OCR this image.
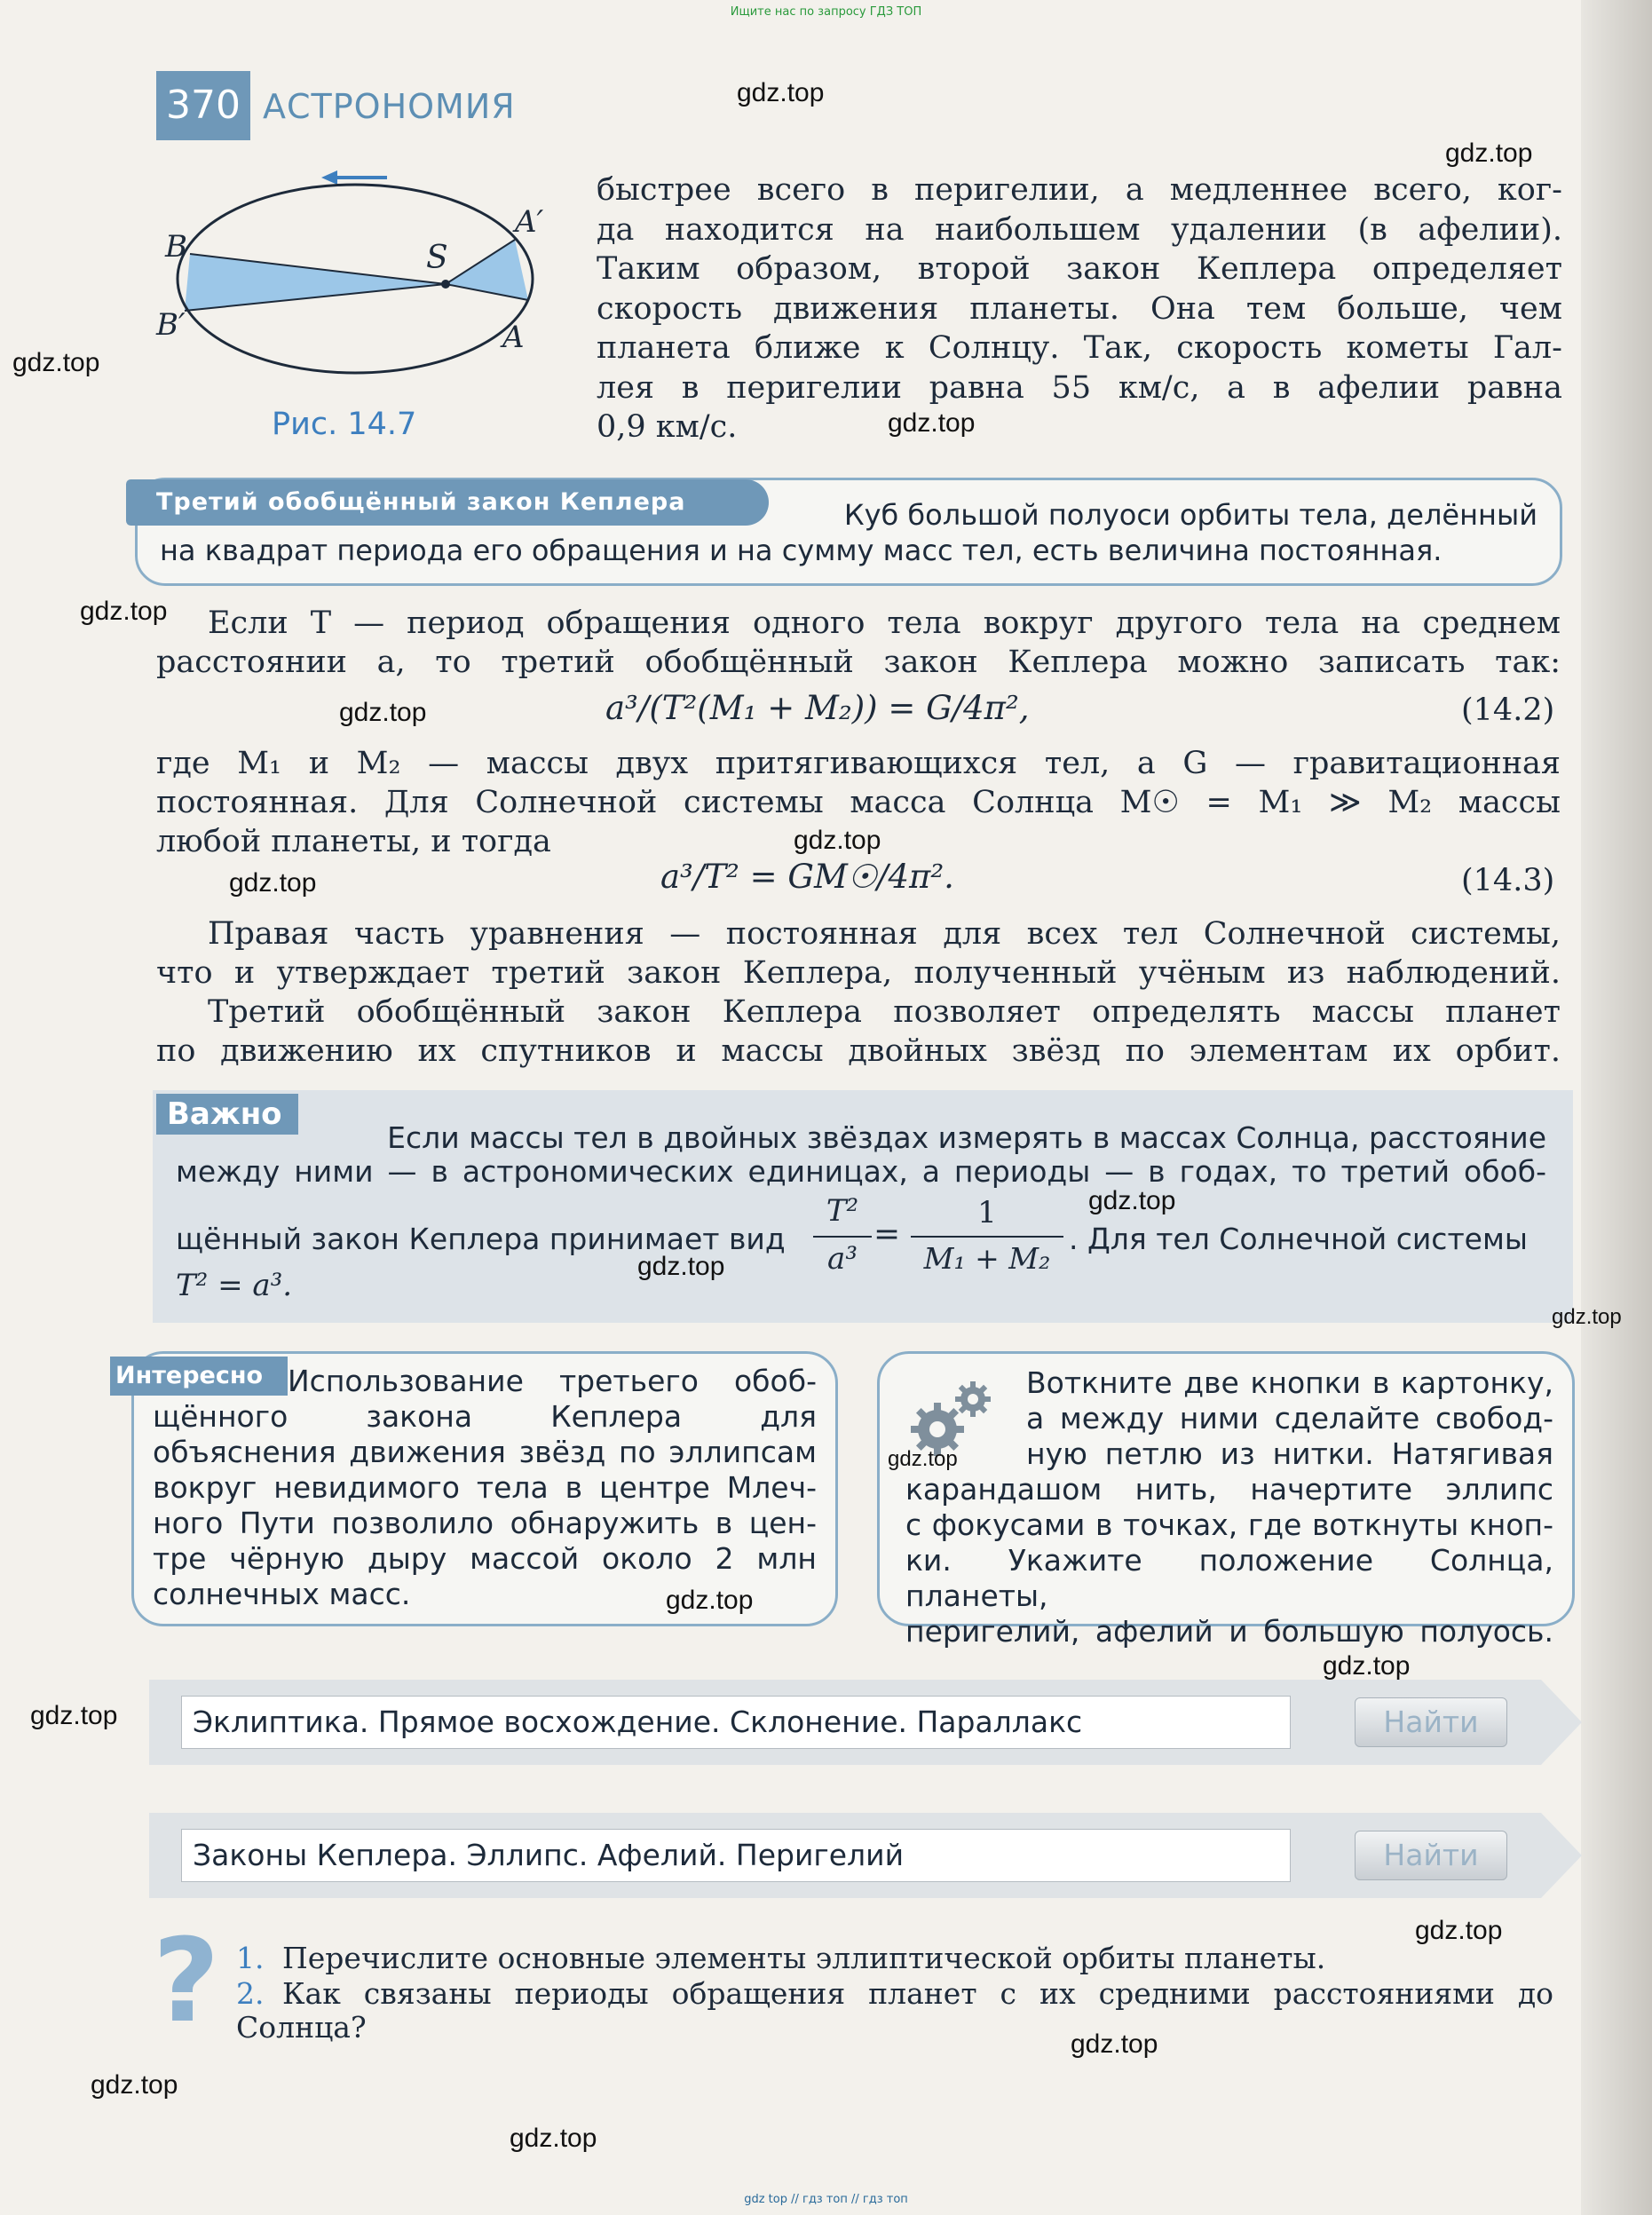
Ищите нас по запросу ГДЗ ТОП
370 АСТРОНОМИЯ
B
B′
S
A′
A
Рис. 14.7
быстрее всего в перигелии, а медленнее всего, ког-
да находится на наибольшем удалении (в афелии).
Таким образом, второй закон Кеплера определяет
скорость движения планеты. Она тем больше, чем
планета ближе к Солнцу. Так, скорость кометы Гал-
лея в перигелии равна 55 км/с, а в афелии равна
0,9 км/с.
Третий обобщённый закон Кеплера	Куб большой полуоси орбиты тела, делённый
на квадрат периода его обращения и на сумму масс тел, есть величина постоянная.
Если T — период обращения одного тела вокруг другого тела на среднем
расстоянии a, то третий обобщённый закон Кеплера можно записать так:
a³/(T²(M₁ + M₂)) = G/4π²,	(14.2)
где M₁ и M₂ — массы двух притягивающихся тел, а G — гравитационная
постоянная. Для Солнечной системы масса Солнца M☉ = M₁ ≫ M₂ массы
любой планеты, и тогда
a³/T² = GM☉/4π².	(14.3)
Правая часть уравнения — постоянная для всех тел Солнечной системы,
что и утверждает третий закон Кеплера, полученный учёным из наблюдений.
Третий обобщённый закон Кеплера позволяет определять массы планет
по движению их спутников и массы двойных звёзд по элементам их орбит.
Важно
Если массы тел в двойных звёздах измерять в массах Солнца, расстояние
между ними — в астрономических единицах, а периоды — в годах, то третий обоб-
щённый закон Кеплера принимает вид
T²
a³
=
1
M₁ + M₂
. Для тел Солнечной системы
T² = a³.
Интересно Использование третьего обоб-
щённого закона Кеплера для
объяснения движения звёзд по эллипсам
вокруг невидимого тела в центре Млеч-
ного Пути позволило обнаружить в цен-
тре чёрную дыру массой около 2 млн
солнечных масс.
Воткните две кнопки в картонку,
а между ними сделайте свобод-
ную петлю из нитки. Натягивая
карандашом нить, начертите эллипс
с фокусами в точках, где воткнуты кноп-
ки. Укажите положение Солнца, планеты,
перигелий, афелий и большую полуось.
Эклиптика. Прямое восхождение. Склонение. Параллакс	Найти
Законы Кеплера. Эллипс. Афелий. Перигелий	Найти
? 1. Перечислите основные элементы эллиптической орбиты планеты.
2. Как связаны периоды обращения планет с их средними расстояниями до
Солнца?
gdz.top
gdz.top
gdz.top
gdz.top
gdz.top
gdz.top
gdz.top
gdz.top
gdz.top
gdz.top
gdz.top
gdz.top
gdz.top
gdz.top
gdz.top
gdz.top
gdz.top
gdz.top
gdz.top
gdz top // гдз топ // гдз топ
